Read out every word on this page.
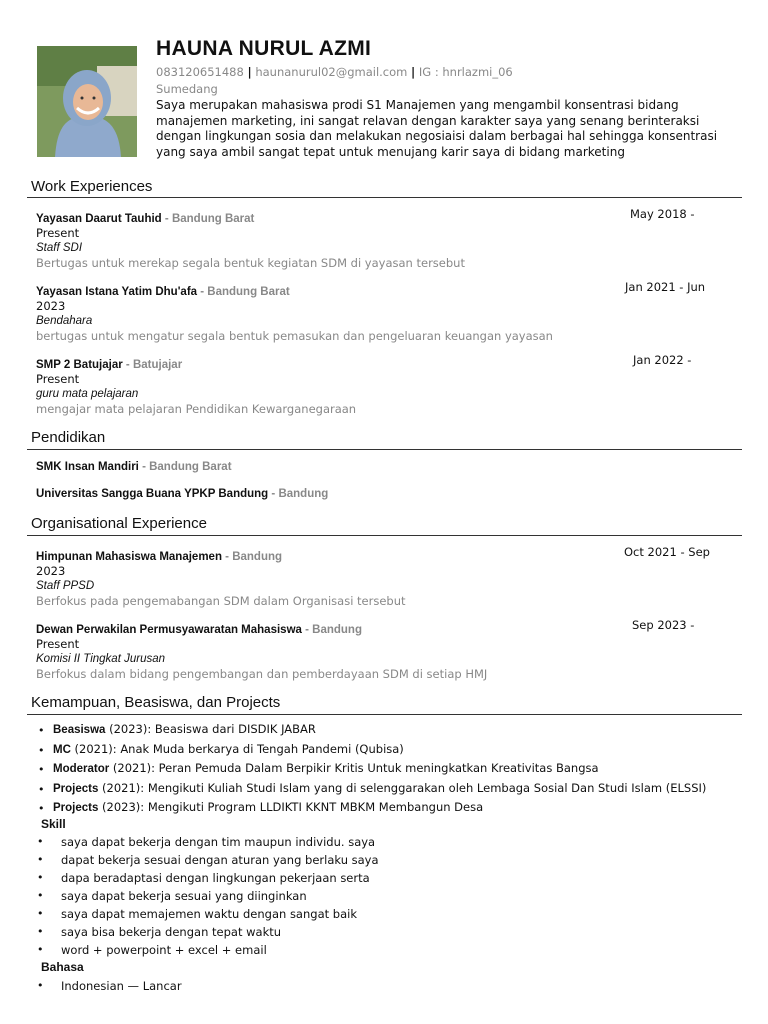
HAUNA NURUL AZMI
083120651488 | haunanurul02@gmail.com | IG : hnrlazmi_06
Sumedang

Saya merupakan mahasiswa prodi S1 Manajemen yang mengambil konsentrasi bidang manajemen marketing, ini sangat relavan dengan karakter saya yang senang berinteraksi dengan lingkungan sosia dan melakukan negosiaisi dalam berbagai hal sehingga konsentrasi yang saya ambil sangat tepat untuk menujang karir saya di bidang marketing

Work Experiences
Yayasan Daarut Tauhid - Bandung Barat	May 2018 -
Present
Staff SDI
Bertugas untuk merekap segala bentuk kegiatan SDM di yayasan tersebut
Yayasan Istana Yatim Dhu'afa - Bandung Barat	Jan 2021 - Jun
2023
Bendahara
bertugas untuk mengatur segala bentuk pemasukan dan pengeluaran keuangan yayasan
SMP 2 Batujajar - Batujajar	Jan 2022 -
Present
guru mata pelajaran
mengajar mata pelajaran Pendidikan Kewarganegaraan
Pendidikan
SMK Insan Mandiri - Bandung Barat
Universitas Sangga Buana YPKP Bandung - Bandung
Organisational Experience
Himpunan Mahasiswa Manajemen - Bandung	Oct 2021 - Sep
2023
Staff PPSD
Berfokus pada pengemabangan SDM dalam Organisasi tersebut
Dewan Perwakilan Permusyawaratan Mahasiswa - Bandung	Sep 2023 -
Present
Komisi II Tingkat Jurusan
Berfokus dalam bidang pengembangan dan pemberdayaan SDM di setiap HMJ
Kemampuan, Beasiswa, dan Projects
• Beasiswa (2023): Beasiswa dari DISDIK JABAR
• MC (2021): Anak Muda berkarya di Tengah Pandemi (Qubisa)
• Moderator (2021): Peran Pemuda Dalam Berpikir Kritis Untuk meningkatkan Kreativitas Bangsa
• Projects (2021): Mengikuti Kuliah Studi Islam yang di selenggarakan oleh Lembaga Sosial Dan Studi Islam (ELSSI)
• Projects (2023): Mengikuti Program LLDIKTI KKNT MBKM Membangun Desa
Skill
• saya dapat bekerja dengan tim maupun individu. saya
• dapat bekerja sesuai dengan aturan yang berlaku saya
• dapa beradaptasi dengan lingkungan pekerjaan serta
• saya dapat bekerja sesuai yang diinginkan
• saya dapat memajemen waktu dengan sangat baik
• saya bisa bekerja dengan tepat waktu
• word + powerpoint + excel + email
Bahasa
• Indonesian — Lancar
